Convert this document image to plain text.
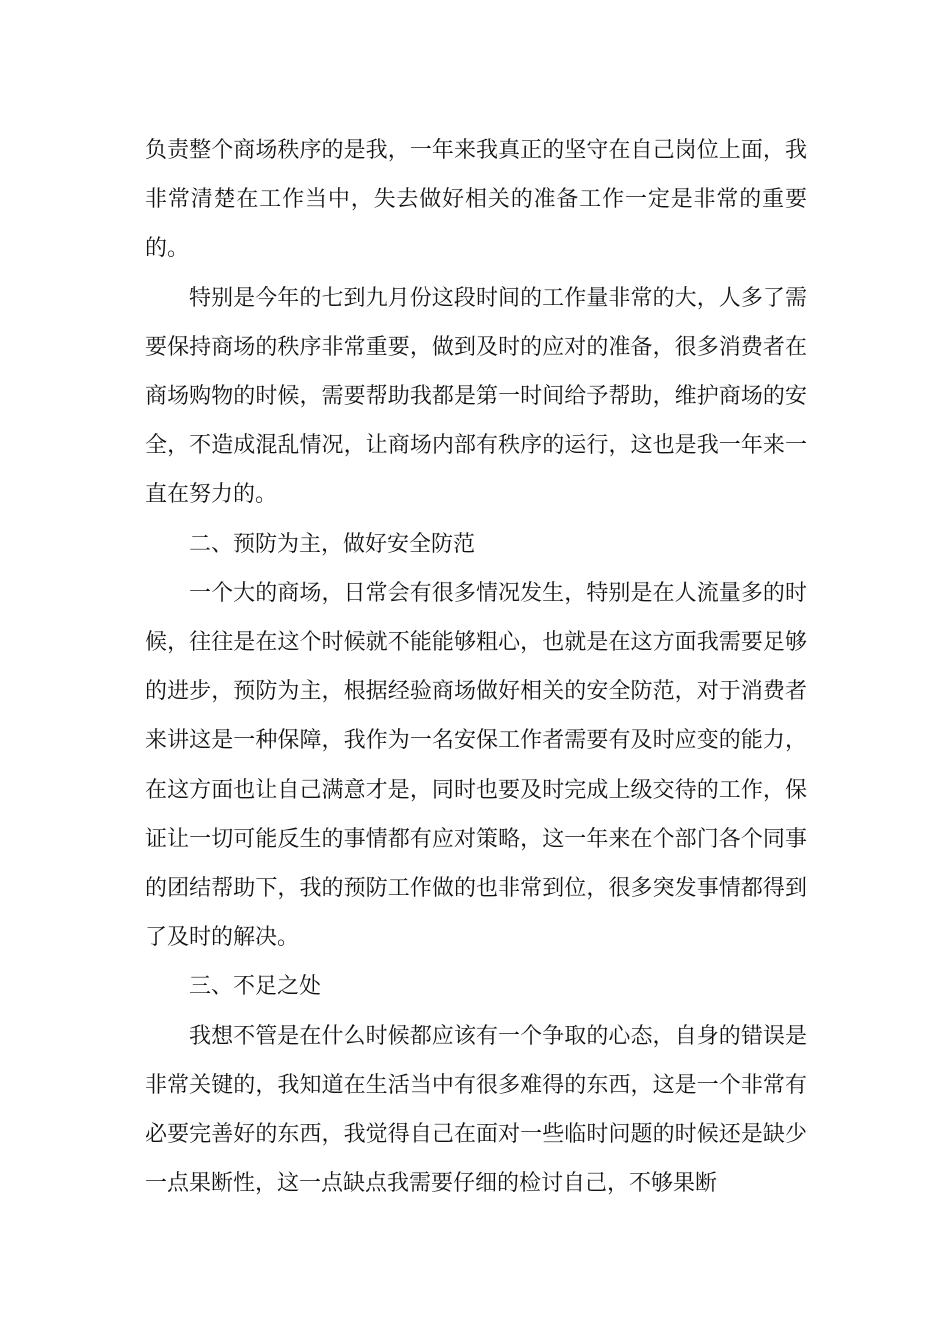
负责整个商场秩序的是我，一年来我真正的坚守在自己岗位上面，我非常清楚在工作当中，失去做好相关的准备工作一定是非常的重要的。

特别是今年的七到九月份这段时间的工作量非常的大，人多了需要保持商场的秩序非常重要，做到及时的应对的准备，很多消费者在商场购物的时候，需要帮助我都是第一时间给予帮助，维护商场的安全，不造成混乱情况，让商场内部有秩序的运行，这也是我一年来一直在努力的。

二、预防为主，做好安全防范

一个大的商场，日常会有很多情况发生，特别是在人流量多的时候，往往是在这个时候就不能能够粗心，也就是在这方面我需要足够的进步，预防为主，根据经验商场做好相关的安全防范，对于消费者来讲这是一种保障，我作为一名安保工作者需要有及时应变的能力，在这方面也让自己满意才是，同时也要及时完成上级交待的工作，保证让一切可能反生的事情都有应对策略，这一年来在个部门各个同事的团结帮助下，我的预防工作做的也非常到位，很多突发事情都得到了及时的解决。

三、不足之处

我想不管是在什么时候都应该有一个争取的心态，自身的错误是非常关键的，我知道在生活当中有很多难得的东西，这是一个非常有必要完善好的东西，我觉得自己在面对一些临时问题的时候还是缺少一点果断性，这一点缺点我需要仔细的检讨自己，不够果断
